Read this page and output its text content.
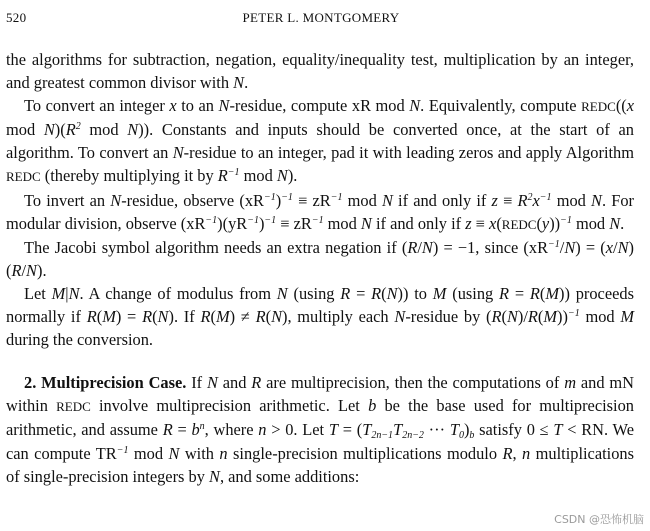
520	PETER L. MONTGOMERY

the algorithms for subtraction, negation, equality/inequality test, multiplication by an integer, and greatest common divisor with N.

To convert an integer x to an N-residue, compute xR mod N. Equivalently, compute REDC((x mod $N)(R^2$ mod N)). Constants and inputs should be converted once, at the start of an algorithm. To convert an N-residue to an integer, pad it with leading zeros and apply Algorithm REDC (thereby multiplying it by $R^{-1}$ mod N).

To invert an N-residue, observe $(xR^{-1})^{-1} \equiv zR^{-1}$ mod N if and only if $z \equiv R^2x^{-1}$ mod N. For modular division, observe $(xR^{-1})(yR^{-1})^{-1} \equiv zR^{-1}$ mod N if and only if z ≡ x(REDC(y))$^{-1}$ mod N.

The Jacobi symbol algorithm needs an extra negation if (R/N) = −1, since $(xR^{-1}/N) = (x/N)(R/N)$.

Let M|N. A change of modulus from N (using R = R(N)) to M (using R = R(M)) proceeds normally if R(M) = R(N). If R(M) ≠ R(N), multiply each N-residue by $(R(N)/R(M))^{-1}$ mod M during the conversion.

2. Multiprecision Case. If N and R are multiprecision, then the computations of m and mN within REDC involve multiprecision arithmetic. Let b be the base used for multiprecision arithmetic, and assume $R = b^n$, where n > 0. Let $T = (T_{2n-1}T_{2n-2}$ ··· $T_0)_b$ satisfy 0 ≤ T < RN. We can compute $TR^{-1}$ mod N with n single-precision multiplications modulo R, n multiplications of single-precision integers by N, and some additions:

CSDN @恐怖机脑
